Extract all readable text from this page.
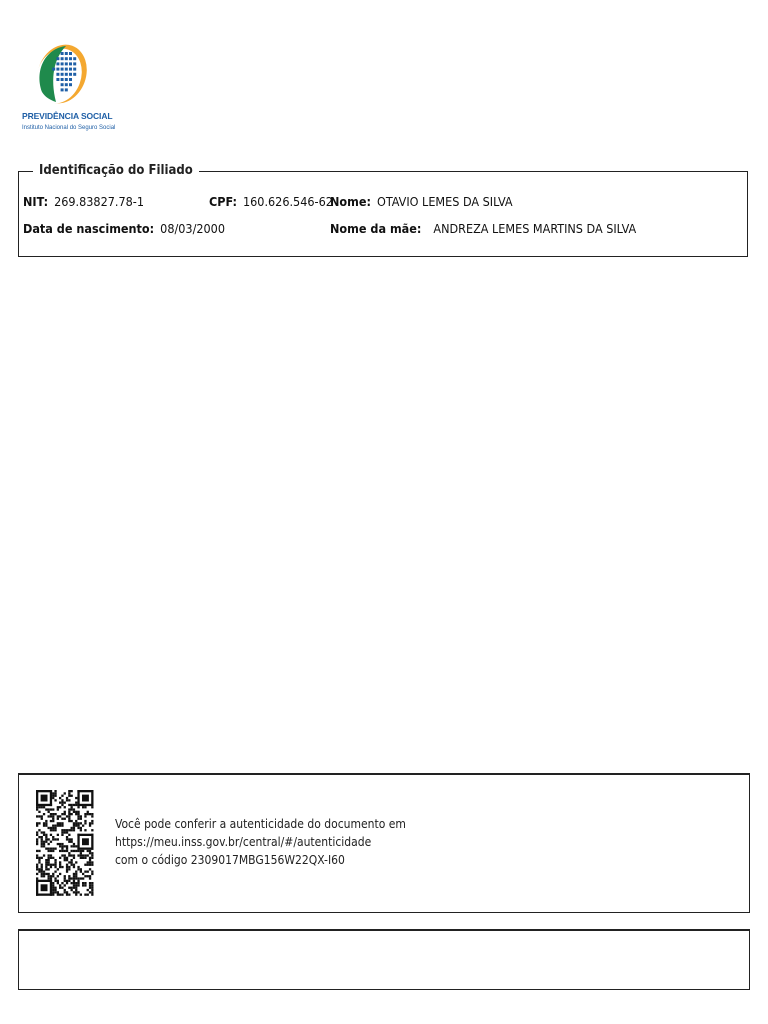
PREVIDÊNCIA SOCIAL
Instituto Nacional do Seguro Social
Identificação do Filiado
NIT: 269.83827.78-1	CPF: 160.626.546-62
Nome: OTAVIO LEMES DA SILVA
Data de nascimento: 08/03/2000	Nome da mãe: ANDREZA LEMES MARTINS DA SILVA
Você pode conferir a autenticidade do documento em
https://meu.inss.gov.br/central/#/autenticidade
com o código 2309017MBG156W22QX-I60
